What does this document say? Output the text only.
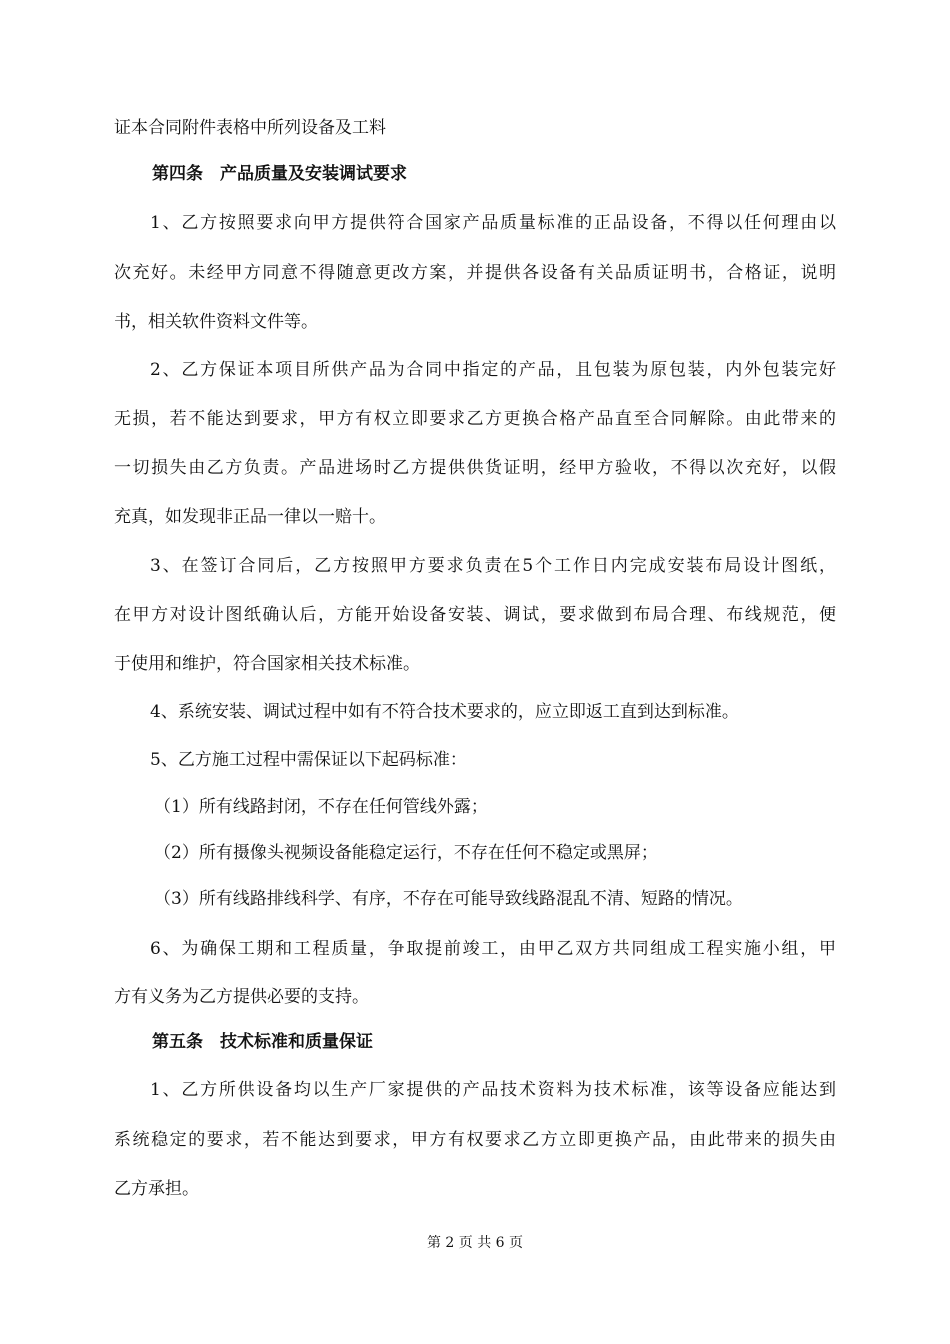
证本合同附件表格中所列设备及工料
第四条　产品质量及安装调试要求
1、乙方按照要求向甲方提供符合国家产品质量标准的正品设备，不得以任何理由以
次充好。未经甲方同意不得随意更改方案，并提供各设备有关品质证明书，合格证，说明
书，相关软件资料文件等。
2、乙方保证本项目所供产品为合同中指定的产品，且包装为原包装，内外包装完好
无损，若不能达到要求，甲方有权立即要求乙方更换合格产品直至合同解除。由此带来的
一切损失由乙方负责。产品进场时乙方提供供货证明，经甲方验收，不得以次充好，以假
充真，如发现非正品一律以一赔十。
3、在签订合同后，乙方按照甲方要求负责在5个工作日内完成安装布局设计图纸，
在甲方对设计图纸确认后，方能开始设备安装、调试，要求做到布局合理、布线规范，便
于使用和维护，符合国家相关技术标准。
4、系统安装、调试过程中如有不符合技术要求的，应立即返工直到达到标准。
5、乙方施工过程中需保证以下起码标准：
（1）所有线路封闭，不存在任何管线外露；
（2）所有摄像头视频设备能稳定运行，不存在任何不稳定或黑屏；
（3）所有线路排线科学、有序，不存在可能导致线路混乱不清、短路的情况。
6、为确保工期和工程质量，争取提前竣工，由甲乙双方共同组成工程实施小组，甲
方有义务为乙方提供必要的支持。
第五条　技术标准和质量保证
1、乙方所供设备均以生产厂家提供的产品技术资料为技术标准，该等设备应能达到
系统稳定的要求，若不能达到要求，甲方有权要求乙方立即更换产品，由此带来的损失由
乙方承担。
第 2 页 共 6 页
